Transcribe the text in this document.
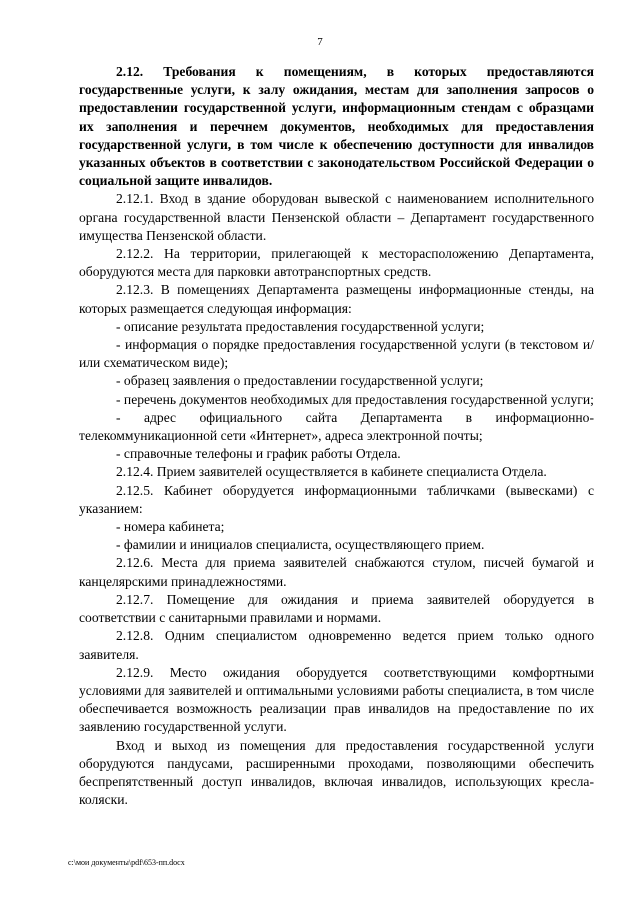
7

2.12. Требования к помещениям, в которых предоставляются государственные услуги, к залу ожидания, местам для заполнения запросов о предоставлении государственной услуги, информационным стендам с образцами их заполнения и перечнем документов, необходимых для предоставления государственной услуги, в том числе к обеспечению доступности для инвалидов указанных объектов в соответствии с законодательством Российской Федерации о социальной защите инвалидов.

2.12.1. Вход в здание оборудован вывеской с наименованием исполнительного органа государственной власти Пензенской области – Департамент государственного имущества Пензенской области.

2.12.2. На территории, прилегающей к месторасположению Департамента, оборудуются места для парковки автотранспортных средств.

2.12.3. В помещениях Департамента размещены информационные стенды, на которых размещается следующая информация:

- описание результата предоставления государственной услуги;

- информация о порядке предоставления государственной услуги (в текстовом и/или схематическом виде);

- образец заявления о предоставлении государственной услуги;

- перечень документов необходимых для предоставления государственной услуги;

- адрес официального сайта Департамента в информационно-телекоммуникационной сети «Интернет», адреса электронной почты;

- справочные телефоны и график работы Отдела.

2.12.4. Прием заявителей осуществляется в кабинете специалиста Отдела.

2.12.5. Кабинет оборудуется информационными табличками (вывесками) с указанием:

- номера кабинета;

- фамилии и инициалов специалиста, осуществляющего прием.

2.12.6. Места для приема заявителей снабжаются стулом, писчей бумагой и канцелярскими принадлежностями.

2.12.7. Помещение для ожидания и приема заявителей оборудуется в соответствии с санитарными правилами и нормами.

2.12.8. Одним специалистом одновременно ведется прием только одного заявителя.

2.12.9. Место ожидания оборудуется соответствующими комфортными условиями для заявителей и оптимальными условиями работы специалиста, в том числе обеспечивается возможность реализации прав инвалидов на предоставление по их заявлению государственной услуги.

Вход и выход из помещения для предоставления государственной услуги оборудуются пандусами, расширенными проходами, позволяющими обеспечить беспрепятственный доступ инвалидов, включая инвалидов, использующих кресла-коляски.

c:\мои документы\pdf\653-пп.docx
